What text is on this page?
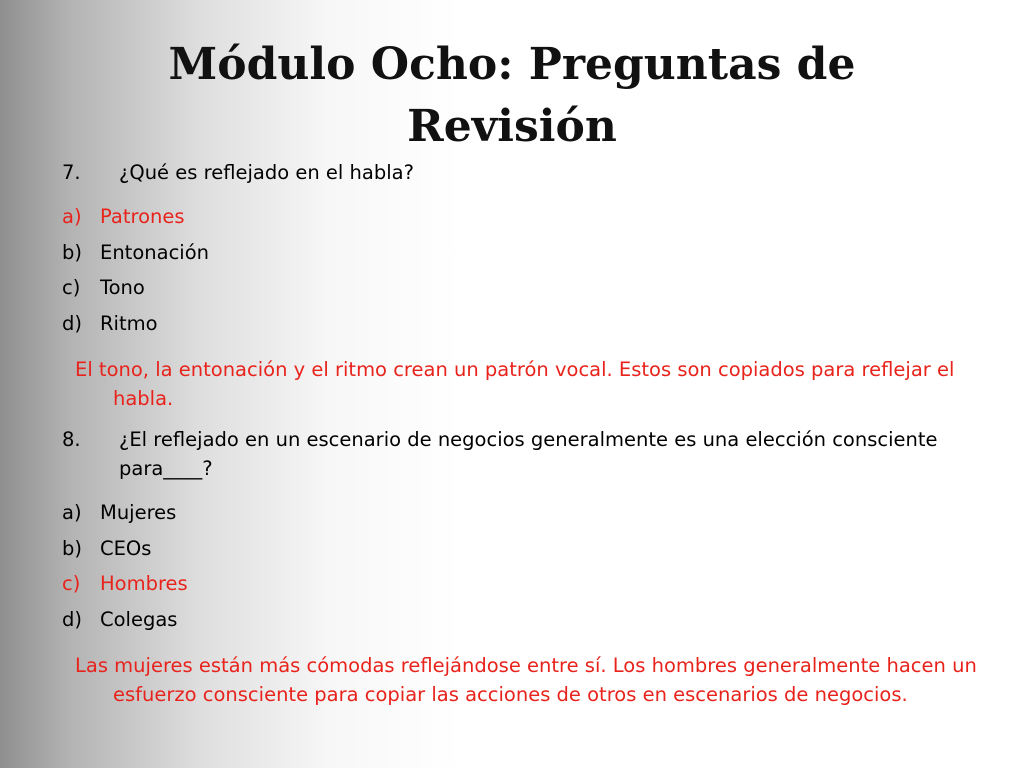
Módulo Ocho: Preguntas de Revisión

7.	¿Qué es reflejado en el habla?

a) Patrones
b) Entonación
c)	Tono
d) Ritmo

El tono, la entonación y el ritmo crean un patrón vocal. Estos son copiados para reflejar el habla.

8.	¿El reflejado en un escenario de negocios generalmente es una elección consciente para____?

a) Mujeres
b) CEOs
c)	Hombres
d) Colegas

Las mujeres están más cómodas reflejándose entre sí. Los hombres generalmente hacen un esfuerzo consciente para copiar las acciones de otros en escenarios de negocios.
